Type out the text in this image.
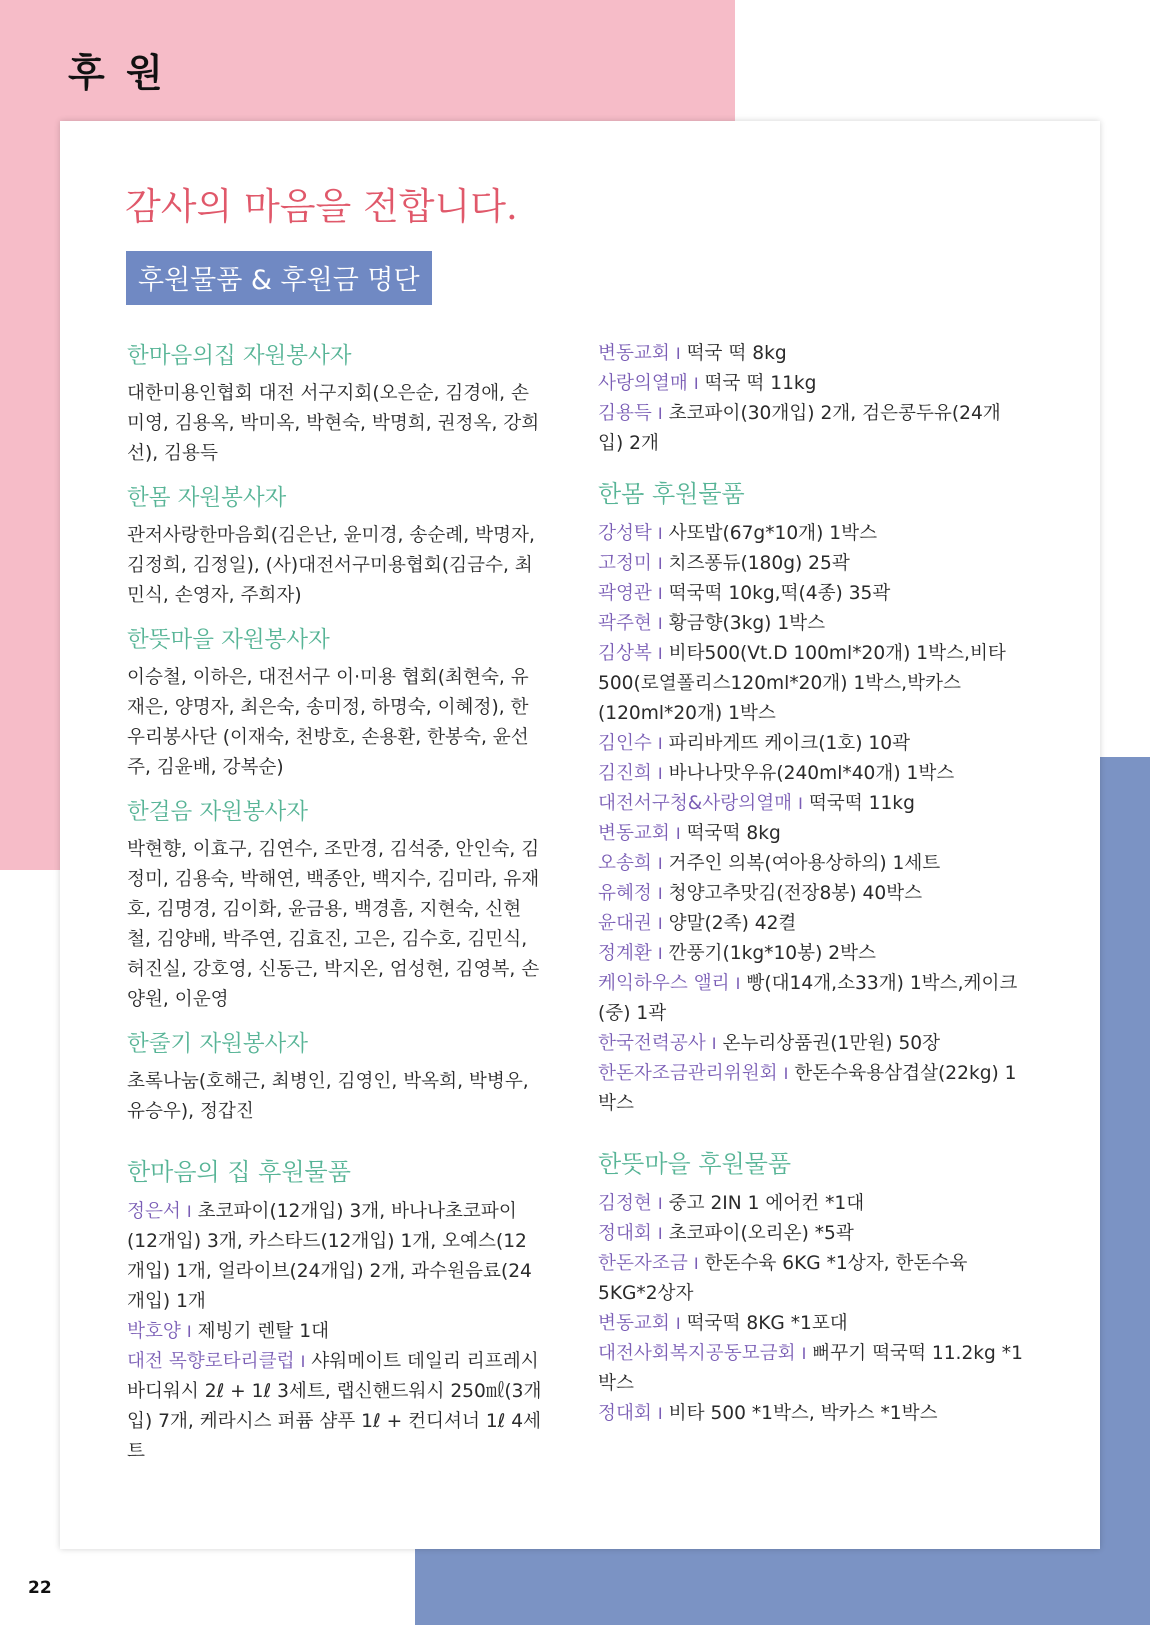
후 원
22
감사의 마음을 전합니다.
후원물품 & 후원금 명단
한마음의집 자원봉사자
대한미용인협회 대전 서구지회(오은순, 김경애, 손미영, 김용옥, 박미옥, 박현숙, 박명희, 권정옥, 강희선), 김용득
한몸 자원봉사자
관저사랑한마음회(김은난, 윤미경, 송순례, 박명자, 김정희, 김정일), (사)대전서구미용협회(김금수, 최민식, 손영자, 주희자)
한뜻마을 자원봉사자
이승철, 이하은, 대전서구 이·미용 협회(최현숙, 유재은, 양명자, 최은숙, 송미정, 하명숙, 이혜정), 한우리봉사단 (이재숙, 천방호, 손용환, 한봉숙, 윤선주, 김윤배, 강복순)
한걸음 자원봉사자
박현향, 이효구, 김연수, 조만경, 김석중, 안인숙, 김정미, 김용숙, 박해연, 백종안, 백지수, 김미라, 유재호, 김명경, 김이화, 윤금용, 백경흠, 지현숙, 신현철, 김양배, 박주연, 김효진, 고은, 김수호, 김민식, 허진실, 강호영, 신동근, 박지온, 엄성현, 김영복, 손양원, 이운영
한줄기 자원봉사자
초록나눔(호해근, 최병인, 김영인, 박옥희, 박병우, 유승우), 정갑진
한마음의 집 후원물품

정은서 I 초코파이(12개입) 3개, 바나나초코파이(12개입) 3개, 카스타드(12개입) 1개, 오예스(12개입) 1개, 얼라이브(24개입) 2개, 과수원음료(24개입) 1개

박호양 I 제빙기 렌탈 1대

대전 목향로타리클럽 I 샤워메이트 데일리 리프레시 바디워시 2ℓ + 1ℓ 3세트, 랩신핸드워시 250㎖(3개입) 7개, 케라시스 퍼퓸 샴푸 1ℓ + 컨디셔너 1ℓ 4세트

변동교회 I 떡국 떡 8kg

사랑의열매 I 떡국 떡 11kg

김용득 I 초코파이(30개입) 2개, 검은콩두유(24개입) 2개

한몸 후원물품

강성탁 I 사또밥(67g*10개) 1박스

고정미 I 치즈퐁듀(180g) 25곽

곽영관 I 떡국떡 10kg,떡(4종) 35곽

곽주현 I 황금향(3kg) 1박스

김상복 I 비타500(Vt.D 100ml*20개) 1박스,비타500(로열폴리스120ml*20개) 1박스,박카스(120ml*20개) 1박스

김인수 I 파리바게뜨 케이크(1호) 10곽

김진희 I 바나나맛우유(240ml*40개) 1박스

대전서구청&사랑의열매 I 떡국떡 11kg

변동교회 I 떡국떡 8kg

오송희 I 거주인 의복(여아용상하의) 1세트

유혜정 I 청양고추맛김(전장8봉) 40박스

윤대권 I 양말(2족) 42켤

정계환 I 깐풍기(1kg*10봉) 2박스

케익하우스 앨리 I 빵(대14개,소33개) 1박스,케이크(중) 1곽

한국전력공사 I 온누리상품권(1만원) 50장

한돈자조금관리위원회 I 한돈수육용삼겹살(22kg) 1박스

한뜻마을 후원물품

김정현 I 중고 2IN 1 에어컨 *1대

정대회 I 초코파이(오리온) *5곽

한돈자조금 I 한돈수육 6KG *1상자, 한돈수육 5KG*2상자

변동교회 I 떡국떡 8KG *1포대

대전사회복지공동모금회 I 뻐꾸기 떡국떡 11.2kg *1박스

정대회 I 비타 500 *1박스, 박카스 *1박스
